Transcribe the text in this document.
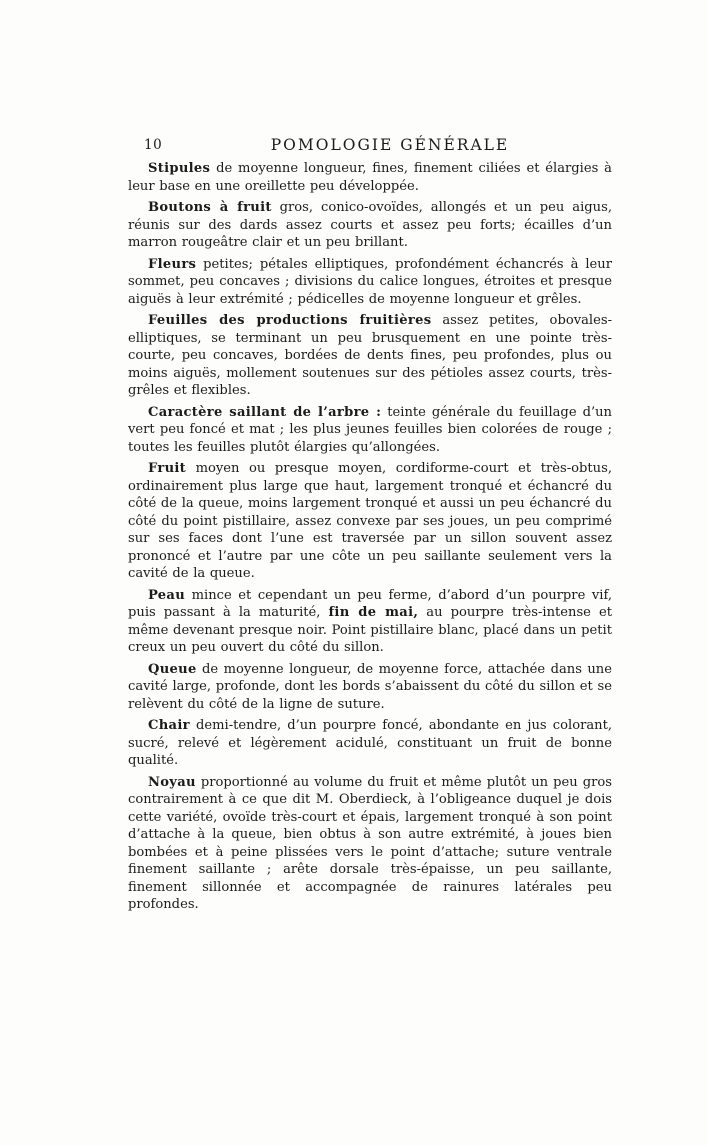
10	POMOLOGIE GÉNÉRALE

Stipules de moyenne longueur, fines, finement ciliées et élargies à leur base en une oreillette peu développée.

Boutons à fruit gros, conico-ovoïdes, allongés et un peu aigus, réunis sur des dards assez courts et assez peu forts; écailles d’un marron rougeâtre clair et un peu brillant.

Fleurs petites; pétales elliptiques, profondément échancrés à leur sommet, peu concaves ; divisions du calice longues, étroites et presque aiguës à leur extrémité ; pédicelles de moyenne longueur et grêles.

Feuilles des productions fruitières assez petites, obovales-elliptiques, se terminant un peu brusquement en une pointe très-courte, peu concaves, bordées de dents fines, peu profondes, plus ou moins aiguës, mollement soutenues sur des pétioles assez courts, très-grêles et flexibles.

Caractère saillant de l’arbre : teinte générale du feuillage d’un vert peu foncé et mat ; les plus jeunes feuilles bien colorées de rouge ; toutes les feuilles plutôt élargies qu’allongées.

Fruit moyen ou presque moyen, cordiforme-court et très-obtus, ordinairement plus large que haut, largement tronqué et échancré du côté de la queue, moins largement tronqué et aussi un peu échancré du côté du point pistillaire, assez convexe par ses joues, un peu comprimé sur ses faces dont l’une est traversée par un sillon souvent assez prononcé et l’autre par une côte un peu saillante seulement vers la cavité de la queue.

Peau mince et cependant un peu ferme, d’abord d’un pourpre vif, puis passant à la maturité, fin de mai, au pourpre très-intense et même devenant presque noir. Point pistillaire blanc, placé dans un petit creux un peu ouvert du côté du sillon.

Queue de moyenne longueur, de moyenne force, attachée dans une cavité large, profonde, dont les bords s’abaissent du côté du sillon et se relèvent du côté de la ligne de suture.

Chair demi-tendre, d’un pourpre foncé, abondante en jus colorant, sucré, relevé et légèrement acidulé, constituant un fruit de bonne qualité.

Noyau proportionné au volume du fruit et même plutôt un peu gros contrairement à ce que dit M. Oberdieck, à l’obligeance duquel je dois cette variété, ovoïde très-court et épais, largement tronqué à son point d’attache à la queue, bien obtus à son autre extrémité, à joues bien bombées et à peine plissées vers le point d’attache; suture ventrale finement saillante ; arête dorsale très-épaisse, un peu saillante, finement sillonnée et accompagnée de rainures latérales peu profondes.
